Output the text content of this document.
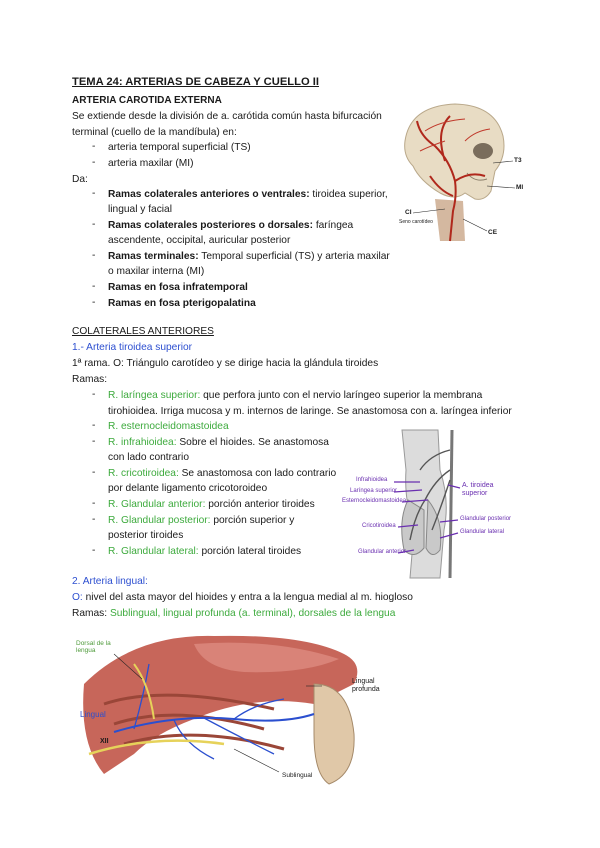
TEMA 24: ARTERIAS DE CABEZA Y CUELLO II
ARTERIA CAROTIDA EXTERNA
Se extiende desde la división de a. carótida común hasta bifurcación
terminal (cuello de la mandíbula) en:
- arteria temporal superficial (TS)
- arteria maxilar (MI)
Da:
- Ramas colaterales anteriores o ventrales: tiroidea superior,
lingual y facial
- Ramas colaterales posteriores o dorsales: faríngea
ascendente, occipital, auricular posterior
- Ramas terminales: Temporal superficial (TS) y arteria maxilar
o maxilar interna (MI)
- Ramas en fosa infratemporal
- Ramas en fosa pterigopalatina
T3
MI
CI
Seno carotídeo
CE
COLATERALES ANTERIORES
1.- Arteria tiroidea superior
1ª rama. O: Triángulo carotídeo y se dirige hacia la glándula tiroides
Ramas:
- R. laríngea superior: que perfora junto con el nervio laríngeo superior la membrana
tirohioidea. Irriga mucosa y m. internos de laringe. Se anastomosa con a. laríngea inferior
- R. esternocleidomastoidea
- R. infrahioidea: Sobre el hioides. Se anastomosa
con lado contrario
- R. cricotiroidea: Se anastomosa con lado contrario
por delante ligamento cricotoroideo
- R. Glandular anterior: porción anterior tiroides
- R. Glandular posterior: porción superior y
posterior tiroides
- R. Glandular lateral: porción lateral tiroides
Infrahioidea
Laríngea superior
Esternocleidomastoidea
Cricotiroidea
Glandular anterior
A. tiroidea superior
Glandular posterior
Glandular lateral
2. Arteria lingual:
O: nivel del asta mayor del hioides y entra a la lengua medial al m. hiogloso
Ramas: Sublingual, lingual profunda (a. terminal), dorsales de la lengua
Dorsal de la lengua
Lingual
XII
Lingual profunda
Sublingual
